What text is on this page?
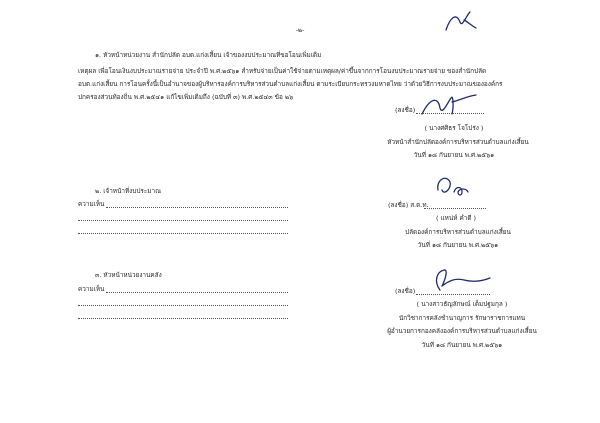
-๒-
๑. หัวหน้าหน่วยงาน สำนักปลัด อบต.แก่งเสี้ยน เจ้าของงบประมาณที่ขอโอนเพิ่มเติม
เหตุผล เพื่อโอนเงินงบประมาณรายจ่าย ประจำปี พ.ศ.๒๕๖๑ สำหรับจ่ายเป็นค่าใช้จ่ายตามเหตุผล/ค่าขึ้นจากการโอนงบประมาณรายจ่าย ของสำนักปลัด
อบต.แก่งเสี้ยน การโอนครั้งนี้เป็นอำนาจของผู้บริหารองค์การบริหารส่วนตำบลแก่งเสี้ยน ตามระเบียบกระทรวงมหาดไทย ว่าด้วยวิธีการงบประมาณขององค์กร
ปกครองส่วนท้องถิ่น พ.ศ.๒๕๔๑ แก้ไขเพิ่มเติมถึง (ฉบับที่ ๓) พ.ศ.๒๕๔๓ ข้อ ๒๖
(ลงชื่อ)
( นางศศิธร โจโปร่ง )
หัวหน้าสำนักปลัดองค์การบริหารส่วนตำบลแก่งเสี้ยน
วันที่ ๑๘ กันยายน พ.ศ.๒๕๖๑
๒. เจ้าหน้าที่งบประมาณ
ความเห็น	(ลงชื่อ) ส.ต.ท.
( แหน่ห์ คำดี )
ปลัดองค์การบริหารส่วนตำบลแก่งเสี้ยน
วันที่ ๑๘ กันยายน พ.ศ.๒๕๖๑
๓. หัวหน้าหน่วยงานคลัง
ความเห็น	(ลงชื่อ)
( นางสาวธัญลักษณ์ เต็มปฐมกุล )
นักวิชาการคลังชำนาญการ รักษาราชการแทน
ผู้อำนวยการกองคลังองค์การบริหารส่วนตำบลแก่งเสี้ยน
วันที่ ๑๘ กันยายน พ.ศ.๒๕๖๑
